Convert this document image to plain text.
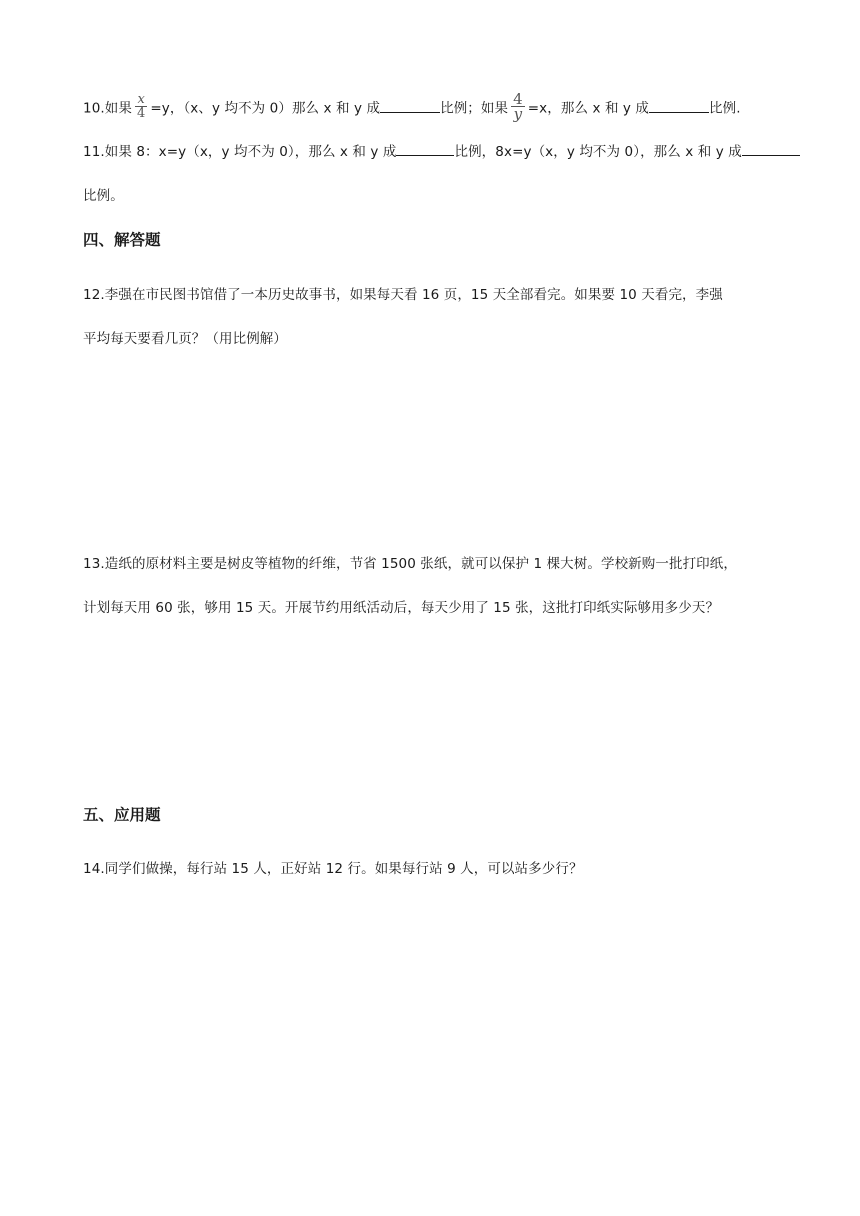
10.如果 $\frac{x}{4} =y$，（x、y 均不为 0）那么 x 和 y 成	比例；如果 $\frac{4}{y} =x$，那么 x 和 y 成	比例.
11.如果 8：x=y（x，y 均不为 0），那么 x 和 y 成	比例，8x=y（x，y 均不为 0），那么 x 和 y 成
比例。
四、解答题
12.李强在市民图书馆借了一本历史故事书，如果每天看 16 页，15 天全部看完。如果要 10 天看完，李强
平均每天要看几页？（用比例解）
13.造纸的原材料主要是树皮等植物的纤维，节省 1500 张纸，就可以保护 1 棵大树。学校新购一批打印纸，
计划每天用 60 张，够用 15 天。开展节约用纸活动后，每天少用了 15 张，这批打印纸实际够用多少天？
五、应用题
14.同学们做操，每行站 15 人，正好站 12 行。如果每行站 9 人，可以站多少行？
